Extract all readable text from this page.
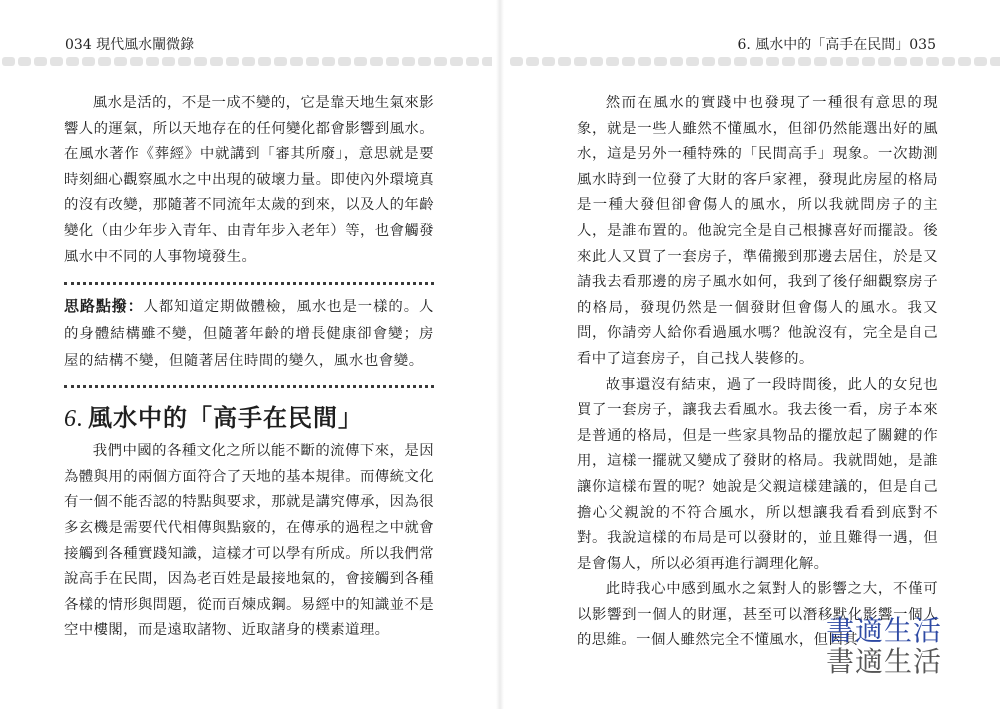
034 現代風水闡微錄

風水是活的，不是一成不變的，它是靠天地生氣來影響人的運氣，所以天地存在的任何變化都會影響到風水。在風水著作《葬經》中就講到「審其所廢」，意思就是要時刻細心觀察風水之中出現的破壞力量。即使內外環境真的沒有改變，那隨著不同流年太歲的到來，以及人的年齡變化（由少年步入青年、由青年步入老年）等，也會觸發風水中不同的人事物境發生。

思路點撥：人都知道定期做體檢，風水也是一樣的。人的身體結構雖不變，但隨著年齡的增長健康卻會變；房屋的結構不變，但隨著居住時間的變久，風水也會變。
6. 風水中的「高手在民間」

我們中國的各種文化之所以能不斷的流傳下來，是因為體與用的兩個方面符合了天地的基本規律。而傳統文化有一個不能否認的特點與要求，那就是講究傳承，因為很多玄機是需要代代相傳與點竅的，在傳承的過程之中就會接觸到各種實踐知識，這樣才可以學有所成。所以我們常說高手在民間，因為老百姓是最接地氣的，會接觸到各種各樣的情形與問題，從而百煉成鋼。易經中的知識並不是空中樓閣，而是遠取諸物、近取諸身的樸素道理。

6. 風水中的「高手在民間」035

然而在風水的實踐中也發現了一種很有意思的現象，就是一些人雖然不懂風水，但卻仍然能選出好的風水，這是另外一種特殊的「民間高手」現象。一次勘測風水時到一位發了大財的客戶家裡，發現此房屋的格局是一種大發但卻會傷人的風水，所以我就問房子的主人，是誰布置的。他說完全是自己根據喜好而擺設。後來此人又買了一套房子，準備搬到那邊去居住，於是又請我去看那邊的房子風水如何，我到了後仔細觀察房子的格局，發現仍然是一個發財但會傷人的風水。我又問，你請旁人給你看過風水嗎？他說沒有，完全是自己看中了這套房子，自己找人裝修的。

故事還沒有結束，過了一段時間後，此人的女兒也買了一套房子，讓我去看風水。我去後一看，房子本來是普通的格局，但是一些家具物品的擺放起了關鍵的作用，這樣一擺就又變成了發財的格局。我就問她，是誰讓你這樣布置的呢？她說是父親這樣建議的，但是自己擔心父親說的不符合風水，所以想讓我看看到底對不對。我說這樣的布局是可以發財的，並且難得一遇，但是會傷人，所以必須再進行調理化解。

此時我心中感到風水之氣對人的影響之大，不僅可以影響到一個人的財運，甚至可以潛移默化影響一個人的思維。一個人雖然完全不懂風水，但因其

書適生活
書適生活
